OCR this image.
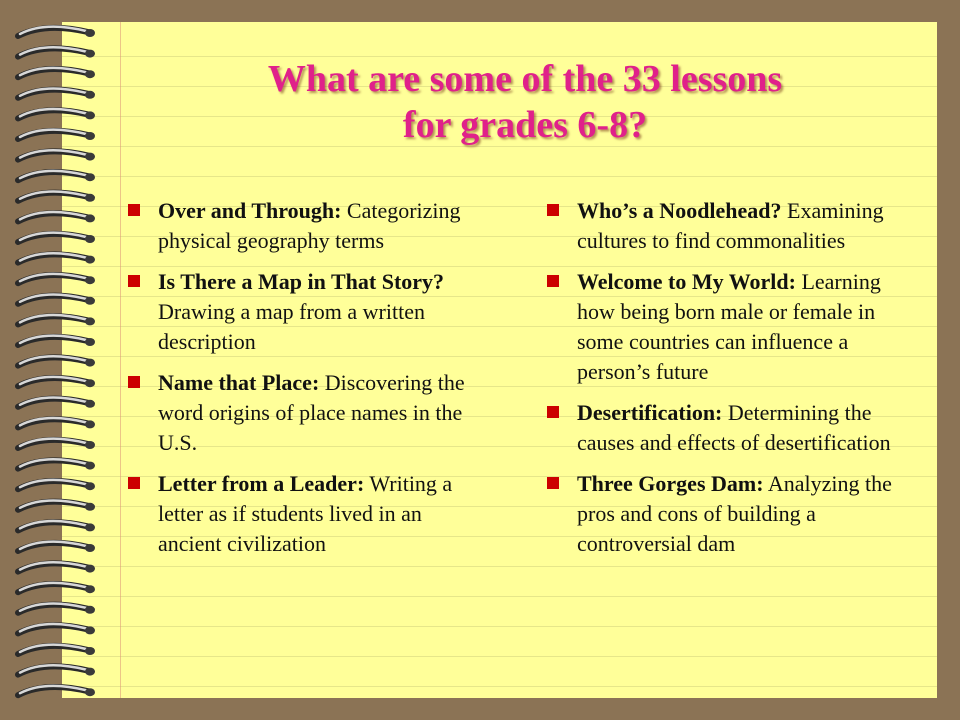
What are some of the 33 lessons
for grades 6-8?
Over and Through: Categorizing physical geography terms
Is There a Map in That Story? Drawing a map from a written description
Name that Place: Discovering the word origins of place names in the U.S.
Letter from a Leader: Writing a letter as if students lived in an ancient civilization
Who’s a Noodlehead? Examining cultures to find commonalities
Welcome to My World: Learning how being born male or female in some countries can influence a person’s future
Desertification: Determining the causes and effects of desertification
Three Gorges Dam: Analyzing the pros and cons of building a controversial dam
